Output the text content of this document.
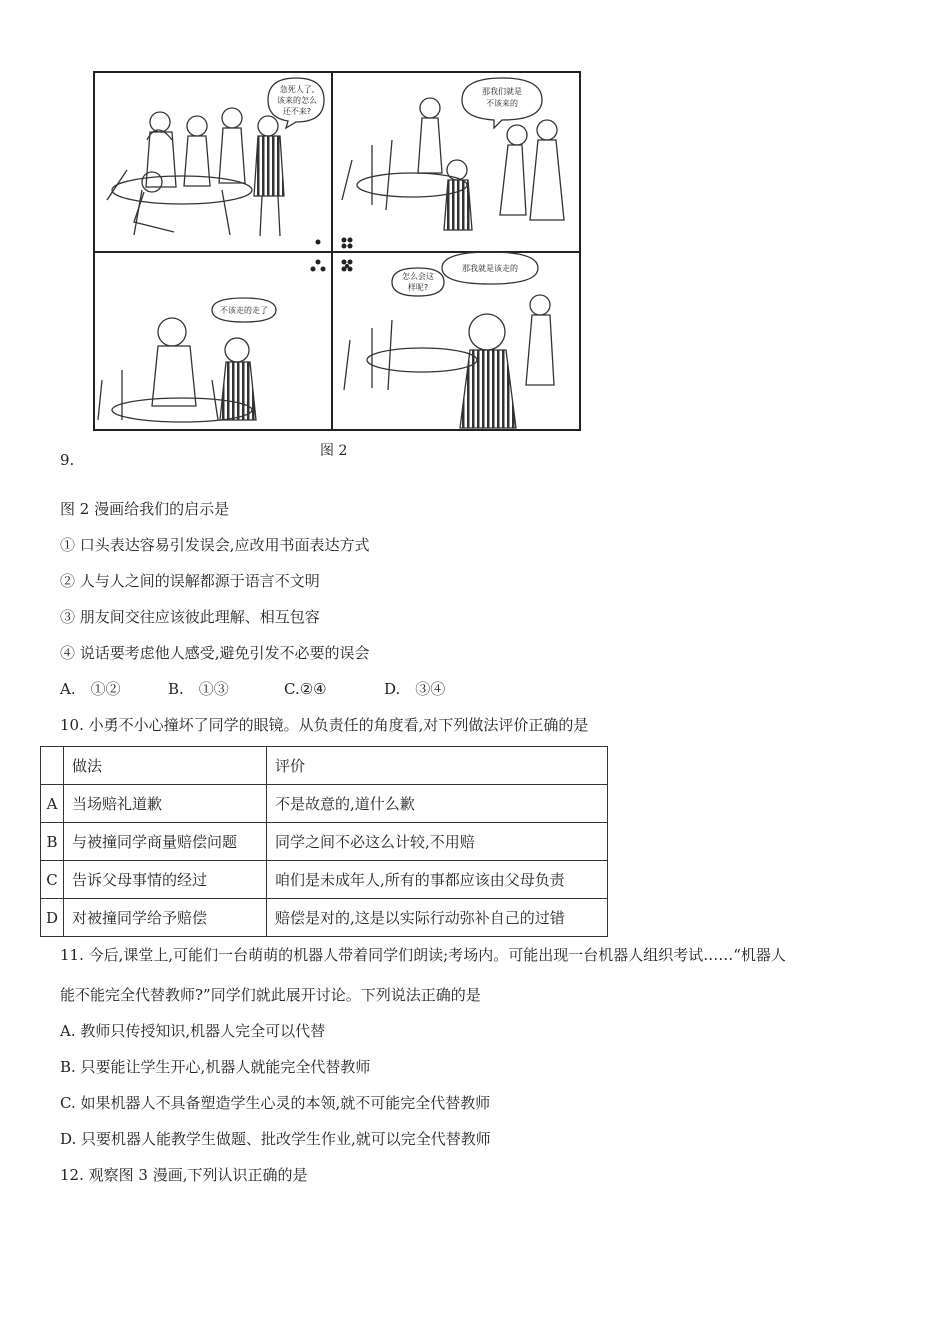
急死人了,
该来的怎么
还不来?
那我们就是
不该来的
不该走的走了
怎么会这
样呢?
那我就是该走的
图 2
9.
图 2 漫画给我们的启示是
① 口头表达容易引发误会,应改用书面表达方式
② 人与人之间的误解都源于语言不文明
③ 朋友间交往应该彼此理解、相互包容
④ 说话要考虑他人感受,避免引发不必要的误会
A.　①②	B.　①③	C.②④	D.　③④
10. 小勇不小心撞坏了同学的眼镜。从负责任的角度看,对下列做法评价正确的是
	做法	评价
A	当场赔礼道歉	不是故意的,道什么歉
B	与被撞同学商量赔偿问题	同学之间不必这么计较,不用赔
C	告诉父母事情的经过	咱们是未成年人,所有的事都应该由父母负责
D	对被撞同学给予赔偿	赔偿是对的,这是以实际行动弥补自己的过错
11. 今后,课堂上,可能们一台萌萌的机器人带着同学们朗读;考场内。可能出现一台机器人组织考试……“机器人
能不能完全代替教师?”同学们就此展开讨论。下列说法正确的是
A. 教师只传授知识,机器人完全可以代替
B. 只要能让学生开心,机器人就能完全代替教师
C. 如果机器人不具备塑造学生心灵的本领,就不可能完全代替教师
D. 只要机器人能教学生做题、批改学生作业,就可以完全代替教师
12. 观察图 3 漫画,下列认识正确的是
